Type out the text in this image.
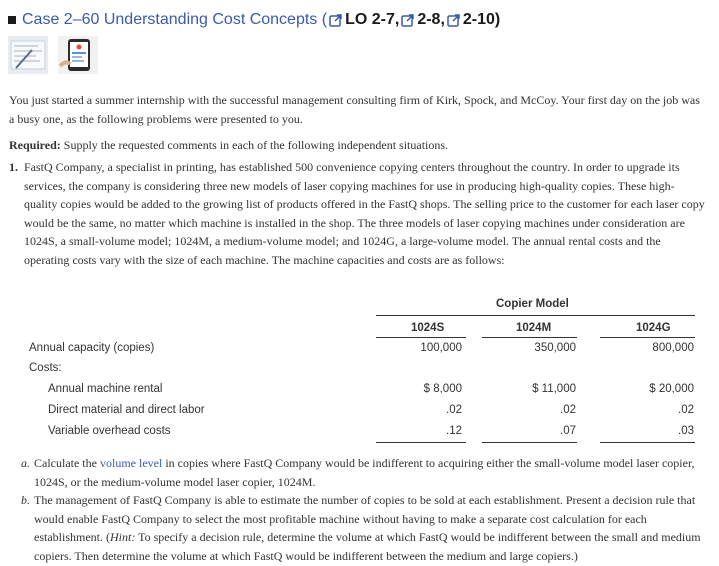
Case 2–60
Understanding Cost Concepts
( LO
2-7, 2-8, 2-10)
You just started a summer internship with the successful management consulting firm of Kirk, Spock, and McCoy. Your first day on the job was a busy one, as the following problems were presented to you.
Required: Supply the requested comments in each of the following independent situations.
1. FastQ Company, a specialist in printing, has established 500 convenience copying centers throughout the country. In order to upgrade its services, the company is considering three new models of laser copying machines for use in producing high-quality copies. These high-quality copies would be added to the growing list of products offered in the FastQ shops. The selling price to the customer for each laser copy would be the same, no matter which machine is installed in the shop. The three models of laser copying machines under consideration are 1024S, a small-volume model; 1024M, a medium-volume model; and 1024G, a large-volume model. The annual rental costs and the operating costs vary with the size of each machine. The machine capacities and costs are as follows:
Copier Model
1024S	1024M	1024G
Annual capacity (copies)	100,000	350,000	800,000
Costs:
Annual machine rental	$ 8,000	$ 11,000	$ 20,000
Direct material and direct labor	.02	.02	.02
Variable overhead costs	.12	.07	.03
a. Calculate the volume level in copies where FastQ Company would be indifferent to acquiring either the small-volume model laser copier, 1024S, or the medium-volume model laser copier, 1024M.
b. The management of FastQ Company is able to estimate the number of copies to be sold at each establishment. Present a decision rule that would enable FastQ Company to select the most profitable machine without having to make a separate cost calculation for each establishment. (Hint: To specify a decision rule, determine the volume at which FastQ would be indifferent between the small and medium copiers. Then determine the volume at which FastQ would be indifferent between the medium and large copiers.)
